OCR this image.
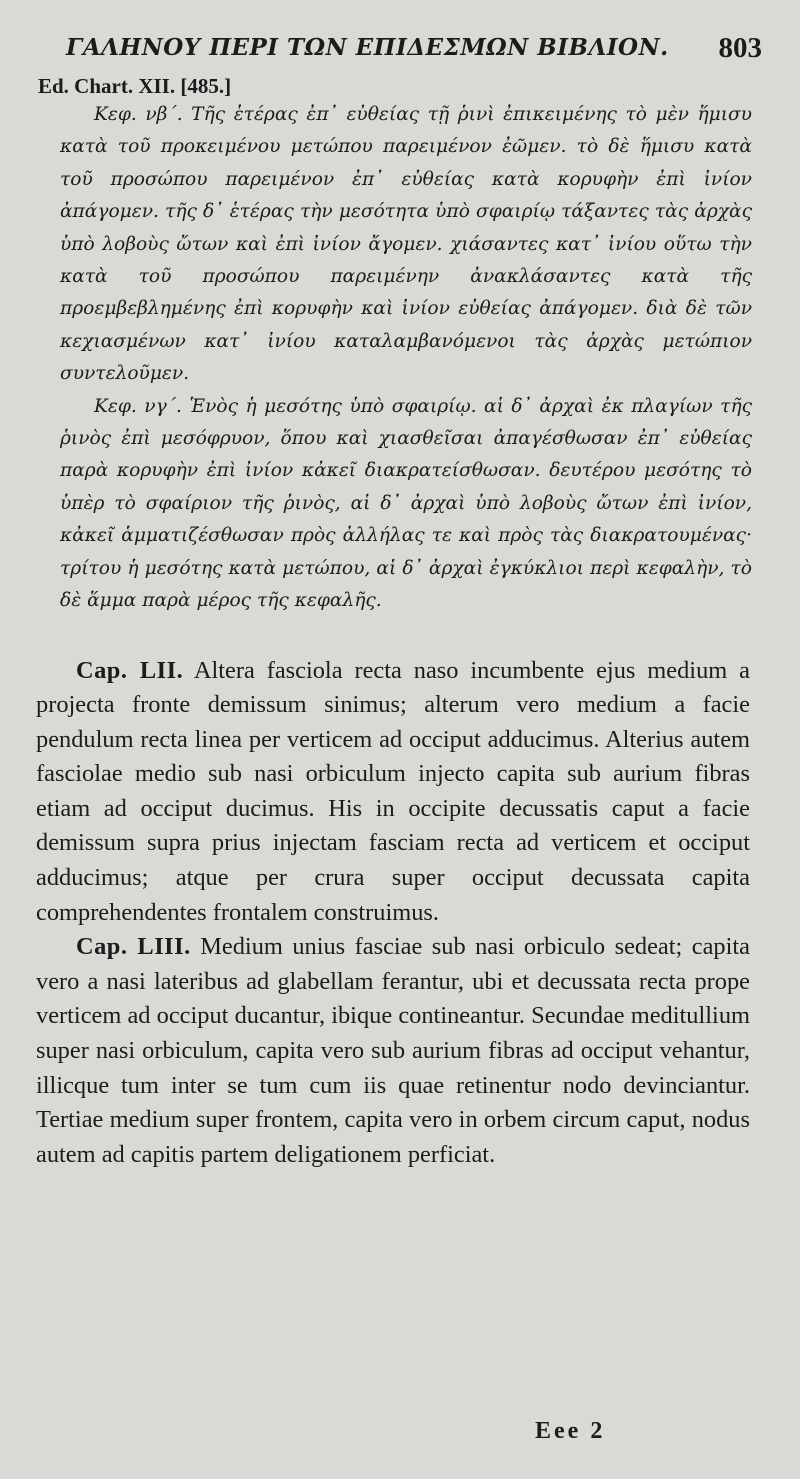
ΓΑΛΗΝΟΥ ΠΕΡΙ ΤΩΝ ΕΠΙΔΕΣΜΩΝ ΒΙΒΛΙΟΝ. 803
Ed. Chart. XII. [485.]

Κεφ. νβ΄. Τῆς ἑτέρας ἐπ᾽ εὐθείας τῇ ῥινὶ ἐπικειμένης τὸ μὲν ἥμισυ κατὰ τοῦ προκειμένου μετώπου παρειμένον ἐῶμεν. τὸ δὲ ἥμισυ κατὰ τοῦ προσώπου παρειμένον ἐπ᾽ εὐθείας κατὰ κορυφὴν ἐπὶ ἰνίον ἀπάγομεν. τῆς δ᾽ ἑτέρας τὴν μεσότητα ὑπὸ σφαιρίῳ τάξαντες τὰς ἀρχὰς ὑπὸ λοβοὺς ὤτων καὶ ἐπὶ ἰνίον ἄγομεν. χιάσαντες κατ᾽ ἰνίου οὕτω τὴν κατὰ τοῦ προσώπου παρειμένην ἀνακλάσαντες κατὰ τῆς προεμβεβλημένης ἐπὶ κορυφὴν καὶ ἰνίον εὐθείας ἀπάγομεν. διὰ δὲ τῶν κεχιασμένων κατ᾽ ἰνίου καταλαμβανόμενοι τὰς ἀρχὰς μετώπιον συντελοῦμεν.

Κεφ. νγ΄. Ἑνὸς ἡ μεσότης ὑπὸ σφαιρίῳ. αἱ δ᾽ ἀρχαὶ ἐκ πλαγίων τῆς ῥινὸς ἐπὶ μεσόφρυον, ὅπου καὶ χιασθεῖσαι ἀπαγέσθωσαν ἐπ᾽ εὐθείας παρὰ κορυφὴν ἐπὶ ἰνίον κἀκεῖ διακρατείσθωσαν. δευτέρου μεσότης τὸ ὑπὲρ τὸ σφαίριον τῆς ῥινὸς, αἱ δ᾽ ἀρχαὶ ὑπὸ λοβοὺς ὤτων ἐπὶ ἰνίον, κἀκεῖ ἁμματιζέσθωσαν πρὸς ἀλλήλας τε καὶ πρὸς τὰς διακρατουμένας· τρίτου ἡ μεσότης κατὰ μετώπου, αἱ δ᾽ ἀρχαὶ ἐγκύκλιοι περὶ κεφαλὴν, τὸ δὲ ἅμμα παρὰ μέρος τῆς κεφαλῆς.

Cap. LII. Altera fasciola recta naso incumbente ejus medium a projecta fronte demissum sinimus; alterum vero medium a facie pendulum recta linea per verticem ad occiput adducimus. Alterius autem fasciolae medio sub nasi orbiculum injecto capita sub aurium fibras etiam ad occiput ducimus. His in occipite decussatis caput a facie demissum supra prius injectam fasciam recta ad verticem et occiput adducimus; atque per crura super occiput decussata capita comprehendentes frontalem construimus.

Cap. LIII. Medium unius fasciae sub nasi orbiculo sedeat; capita vero a nasi lateribus ad glabellam ferantur, ubi et decussata recta prope verticem ad occiput ducantur, ibique contineantur. Secundae meditullium super nasi orbiculum, capita vero sub aurium fibras ad occiput vehantur, illicque tum inter se tum cum iis quae retinentur nodo devinciantur. Tertiae medium super frontem, capita vero in orbem circum caput, nodus autem ad capitis partem deligationem perficiat.

Eee 2
